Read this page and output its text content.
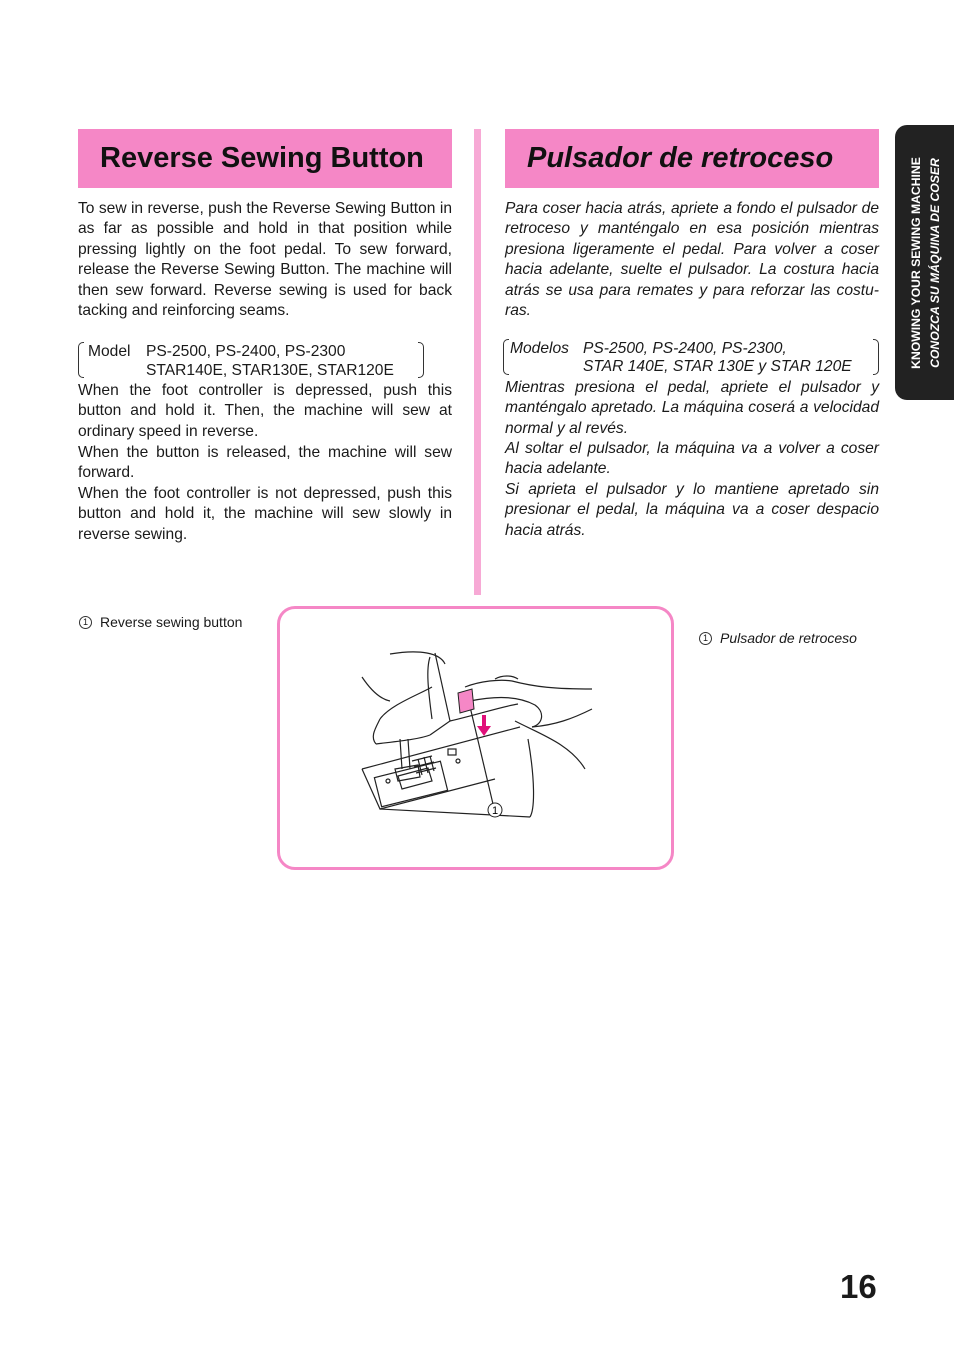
Reverse Sewing Button	Pulsador de retroceso

To sew in reverse, push the Reverse Sewing Button in as far as possible and hold in that position while pressing lightly on the foot pedal. To sew forward, release the Reverse Sewing Button. The machine will then sew forward. Reverse sewing is used for back tacking and reinforcing seams.

Model PS-2500, PS-2400, PS-2300
STAR140E, STAR130E, STAR120E

When the foot controller is depressed, push this button and hold it. Then, the machine will sew at ordinary speed in reverse.

When the button is released, the machine will sew forward.

When the foot controller is not depressed, push this button and hold it, the machine will sew slowly in reverse sewing.

Para coser hacia atrás, apriete a fondo el pulsador de retroceso y manténgalo en esa posición mientras presiona ligeramente el pedal. Para volver a coser hacia adelante, suelte el pulsador. La costura hacia atrás se usa para remates y para reforzar las costu-ras.

Modelos PS-2500, PS-2400, PS-2300,
STAR 140E, STAR 130E y STAR 120E

Mientras presiona el pedal, apriete el pulsador y manténgalo apretado. La máquina coserá a velocidad normal y al revés.

Al soltar el pulsador, la máquina va a volver a coser hacia adelante.

Si aprieta el pulsador y lo mantiene apretado sin presionar el pedal, la máquina va a coser despacio hacia atrás.

KNOWING YOUR SEWING MACHINE CONOZCA SU MÁQUINA DE COSER
1 Reverse sewing button
1 Pulsador de retroceso
1
16
